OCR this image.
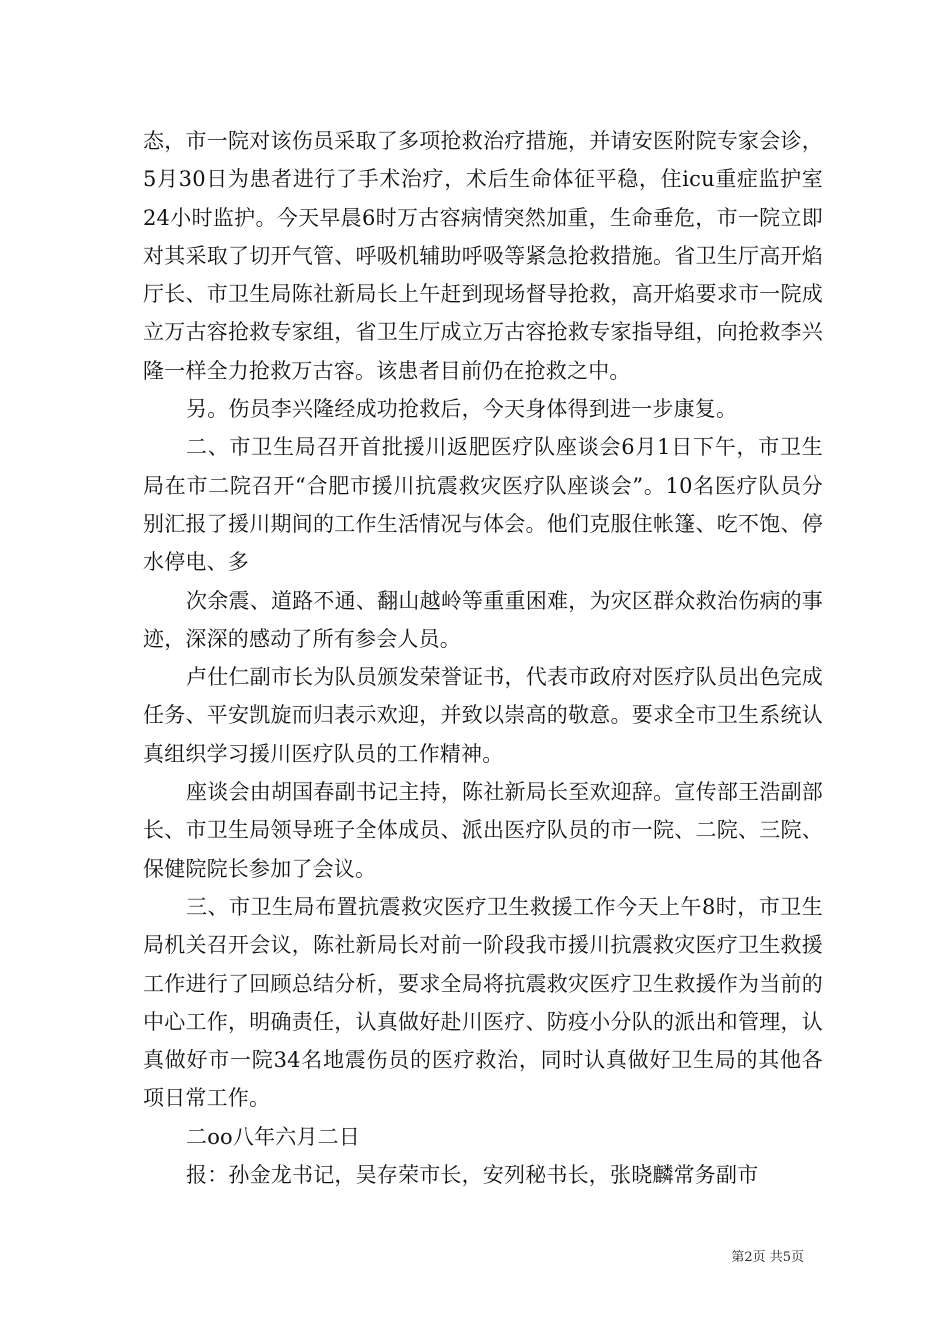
态，市一院对该伤员采取了多项抢救治疗措施，并请安医附院专家会诊，5月30日为患者进行了手术治疗，术后生命体征平稳，住icu重症监护室24小时监护。今天早晨6时万古容病情突然加重，生命垂危，市一院立即对其采取了切开气管、呼吸机辅助呼吸等紧急抢救措施。省卫生厅高开焰厅长、市卫生局陈社新局长上午赶到现场督导抢救，高开焰要求市一院成立万古容抢救专家组，省卫生厅成立万古容抢救专家指导组，向抢救李兴隆一样全力抢救万古容。该患者目前仍在抢救之中。

另。伤员李兴隆经成功抢救后，今天身体得到进一步康复。

二、市卫生局召开首批援川返肥医疗队座谈会6月1日下午，市卫生局在市二院召开“合肥市援川抗震救灾医疗队座谈会”。10名医疗队员分别汇报了援川期间的工作生活情况与体会。他们克服住帐篷、吃不饱、停水停电、多

次余震、道路不通、翻山越岭等重重困难，为灾区群众救治伤病的事迹，深深的感动了所有参会人员。

卢仕仁副市长为队员颁发荣誉证书，代表市政府对医疗队员出色完成任务、平安凯旋而归表示欢迎，并致以崇高的敬意。要求全市卫生系统认真组织学习援川医疗队员的工作精神。

座谈会由胡国春副书记主持，陈社新局长至欢迎辞。宣传部王浩副部长、市卫生局领导班子全体成员、派出医疗队员的市一院、二院、三院、保健院院长参加了会议。

三、市卫生局布置抗震救灾医疗卫生救援工作今天上午8时，市卫生局机关召开会议，陈社新局长对前一阶段我市援川抗震救灾医疗卫生救援工作进行了回顾总结分析，要求全局将抗震救灾医疗卫生救援作为当前的中心工作，明确责任，认真做好赴川医疗、防疫小分队的派出和管理，认真做好市一院34名地震伤员的医疗救治，同时认真做好卫生局的其他各项日常工作。

二oo八年六月二日

报：孙金龙书记，吴存荣市长，安列秘书长，张晓麟常务副市

第2页 共5页
